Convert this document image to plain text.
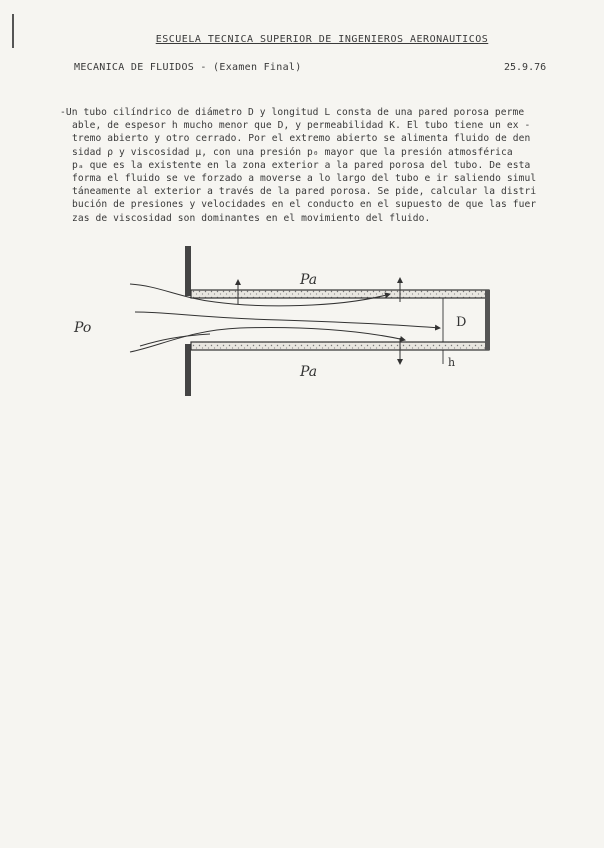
ESCUELA TECNICA SUPERIOR DE INGENIEROS AERONAUTICOS
MECANICA DE FLUIDOS - (Examen Final)	25.9.76
-Un tubo cilíndrico de diámetro D y longitud L consta de una pared porosa perme
able, de espesor h mucho menor que D, y permeabilidad K. El tubo tiene un ex -
tremo abierto y otro cerrado. Por el extremo abierto se alimenta fluido de den
sidad ρ y viscosidad μ, con una presión p₀ mayor que la presión atmosférica
pₐ que es la existente en la zona exterior a la pared porosa del tubo. De esta
forma el fluido se ve forzado a moverse a lo largo del tubo e ir saliendo simul
táneamente al exterior a través de la pared porosa. Se pide, calcular la distri
bución de presiones y velocidades en el conducto en el supuesto de que las fuer
zas de viscosidad son dominantes en el movimiento del fluido.
Pa
Pa
Po	D
h
